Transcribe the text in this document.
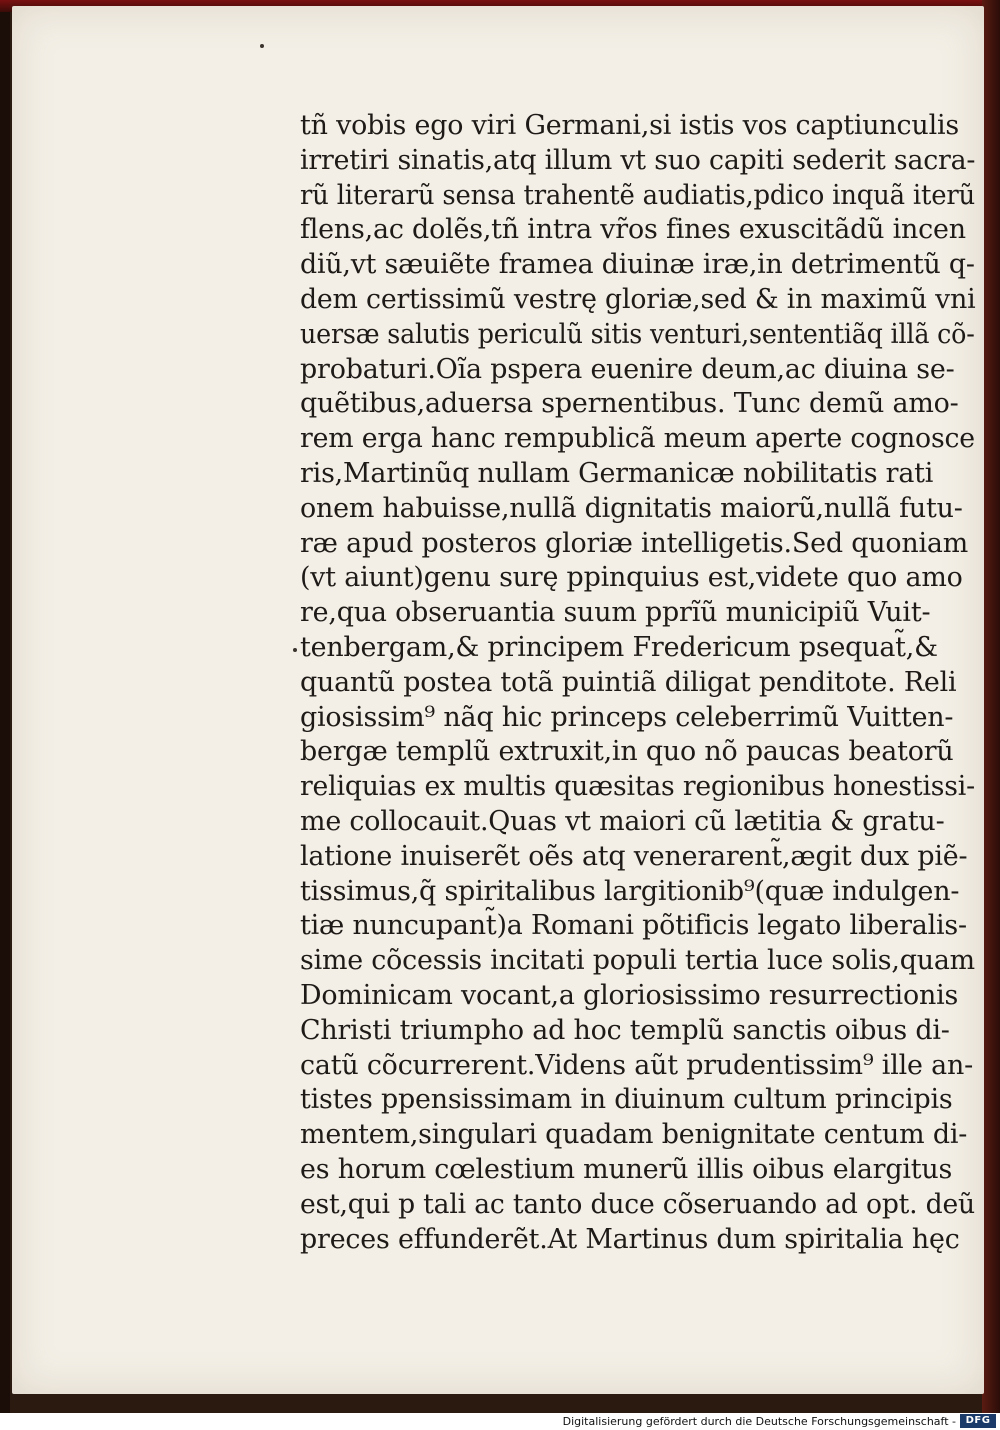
tñ vobis ego viri Germani,si istis vos captiunculis
irretiri sinatis,atq illum vt suo capiti sederit sacra-
rũ literarũ sensa trahentẽ audiatis,pdico inquã iterũ
flens,ac dolẽs,tñ intra vr̃os fines exuscitãdũ incen
diũ,vt sæuiẽte framea diuinæ iræ,in detrimentũ q-
dem certissimũ vestrę gloriæ,sed & in maximũ vni
uersæ salutis periculũ sitis venturi,sententiãq illã cõ-
probaturi.Oĩa pspera euenire deum,ac diuina se-
quẽtibus,aduersa spernentibus. Tunc demũ amo-
rem erga hanc rempublicã meum aperte cognosce
ris,Martinũq nullam Germanicæ nobilitatis rati
onem habuisse,nullã dignitatis maiorũ,nullã futu-
ræ apud posteros gloriæ intelligetis.Sed quoniam
(vt aiunt)genu surę ppinquius est,videte quo amo
re,qua obseruantia suum pprĩũ municipiũ Vuit-
tenbergam,& principem Fredericum psequat̃,&
quantũ postea totã puintiã diligat penditote. Reli
giosissim⁹ nãq hic princeps celeberrimũ Vuitten-
bergæ templũ extruxit,in quo nõ paucas beatorũ
reliquias ex multis quæsitas regionibus honestissi-
me collocauit.Quas vt maiori cũ lætitia & gratu-
latione inuiserẽt oẽs atq venerarent̃,ægit dux piẽ-
tissimus,q̃ spiritalibus largitionib⁹(quæ indulgen-
tiæ nuncupant̃)a Romani põtificis legato liberalis-
sime cõcessis incitati populi tertia luce solis,quam
Dominicam vocant,a gloriosissimo resurrectionis
Christi triumpho ad hoc templũ sanctis oibus di-
catũ cõcurrerent.Videns aũt prudentissim⁹ ille an-
tistes ppensissimam in diuinum cultum principis
mentem,singulari quadam benignitate centum di-
es horum cœlestium munerũ illis oibus elargitus
est,qui p tali ac tanto duce cõseruando ad opt. deũ
preces effunderẽt.At Martinus dum spiritalia hęc
Digitalisierung gefördert durch die Deutsche Forschungsgemeinschaft - DFG
